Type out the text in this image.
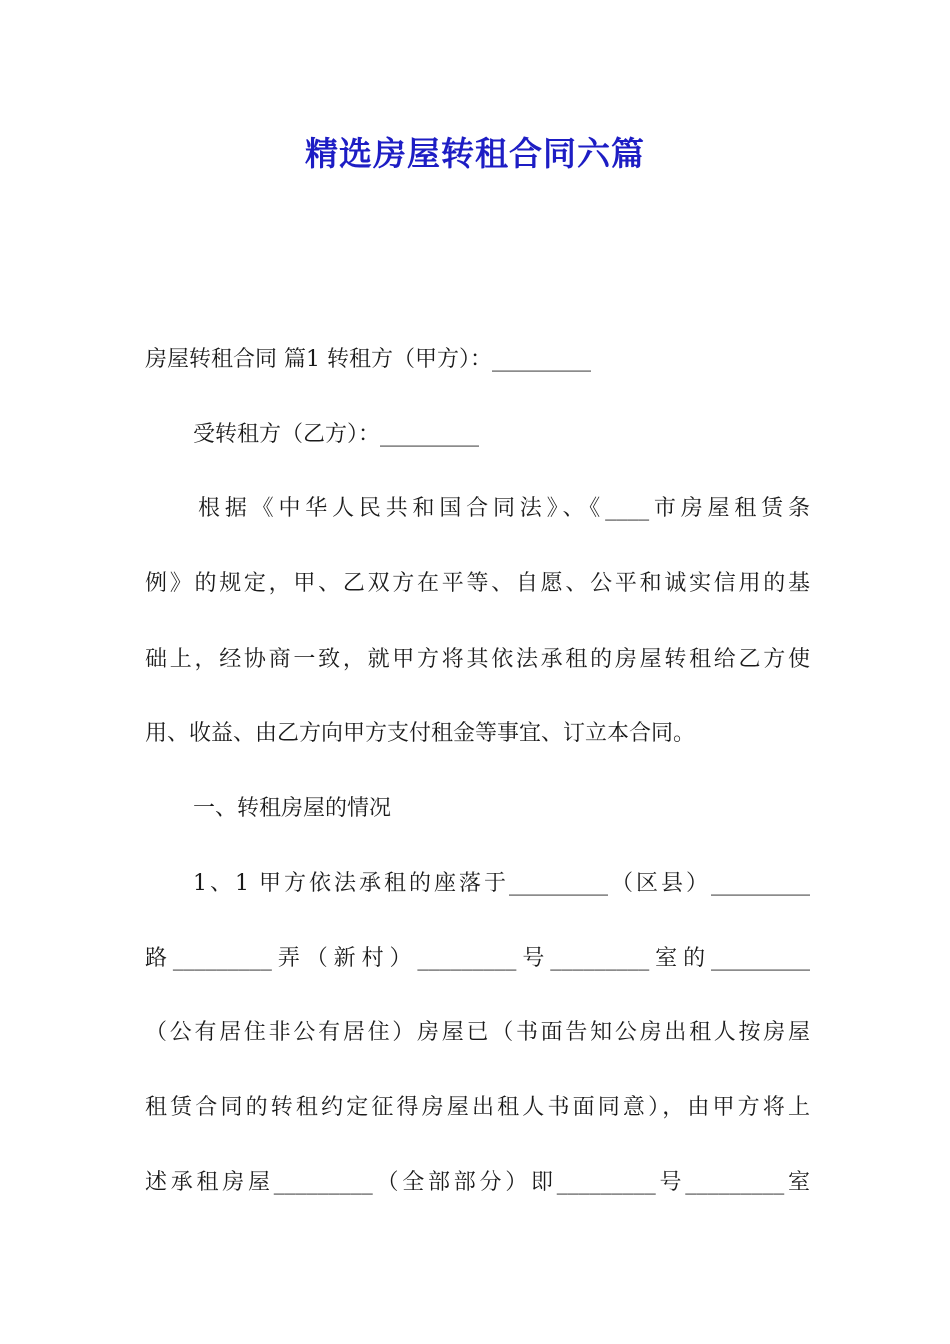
精选房屋转租合同六篇

房屋转租合同 篇1 转租方（甲方）：_________

受转租方（乙方）：_________

根据《中华人民共和国合同法》、《____市房屋租赁条

例》的规定，甲、乙双方在平等、自愿、公平和诚实信用的基

础上，经协商一致，就甲方将其依法承租的房屋转租给乙方使

用、收益、由乙方向甲方支付租金等事宜、订立本合同。

一、转租房屋的情况

1、1 甲方依法承租的座落于_________（区县）_________

路_________弄（新村）_________号_________室的_________

（公有居住非公有居住）房屋已（书面告知公房出租人按房屋

租赁合同的转租约定征得房屋出租人书面同意），由甲方将上

述承租房屋_________（全部部分）即_________号_________室
